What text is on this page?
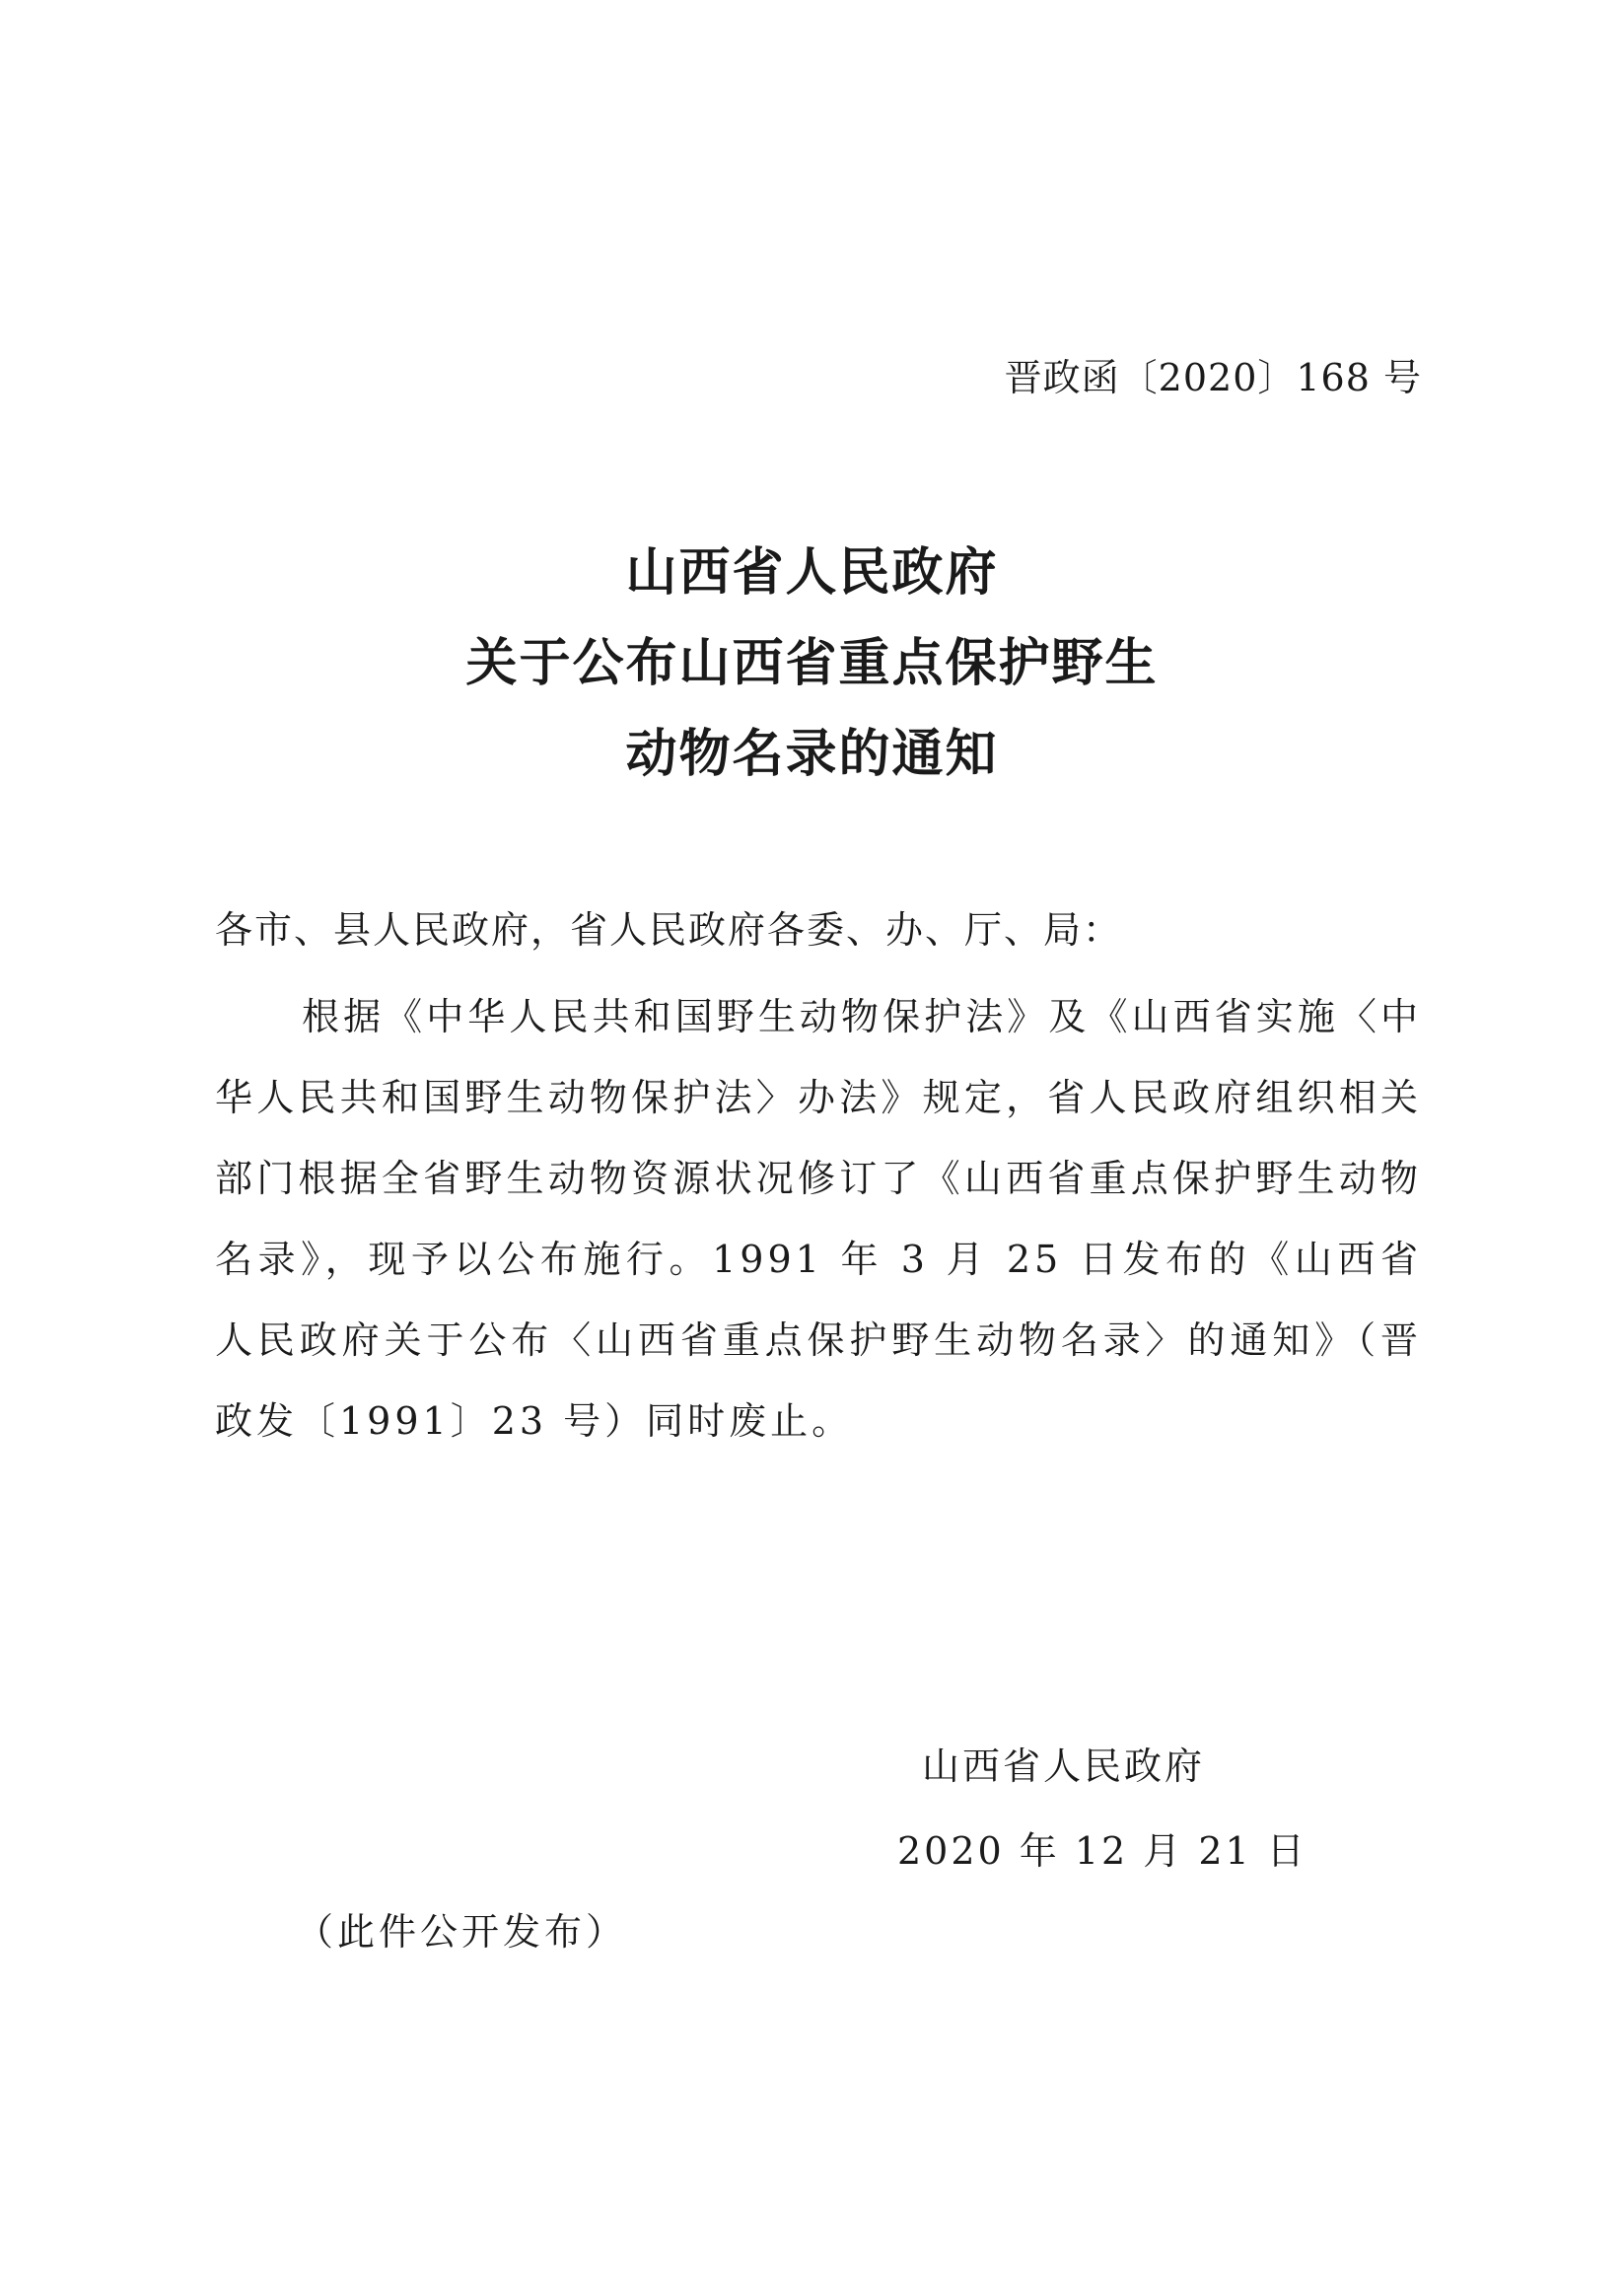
晋政函〔2020〕168 号
山西省人民政府
关于公布山西省重点保护野生
动物名录的通知
各市、县人民政府，省人民政府各委、办、厅、局：
根据《中华人民共和国野生动物保护法》及《山西省实施〈中华人民共和国野生动物保护法〉办法》规定，省人民政府组织相关部门根据全省野生动物资源状况修订了《山西省重点保护野生动物名录》，现予以公布施行。1991 年 3 月 25 日发布的《山西省人民政府关于公布〈山西省重点保护野生动物名录〉的通知》（晋政发〔1991〕23 号）同时废止。
山西省人民政府
2020 年 12 月 21 日
（此件公开发布）
